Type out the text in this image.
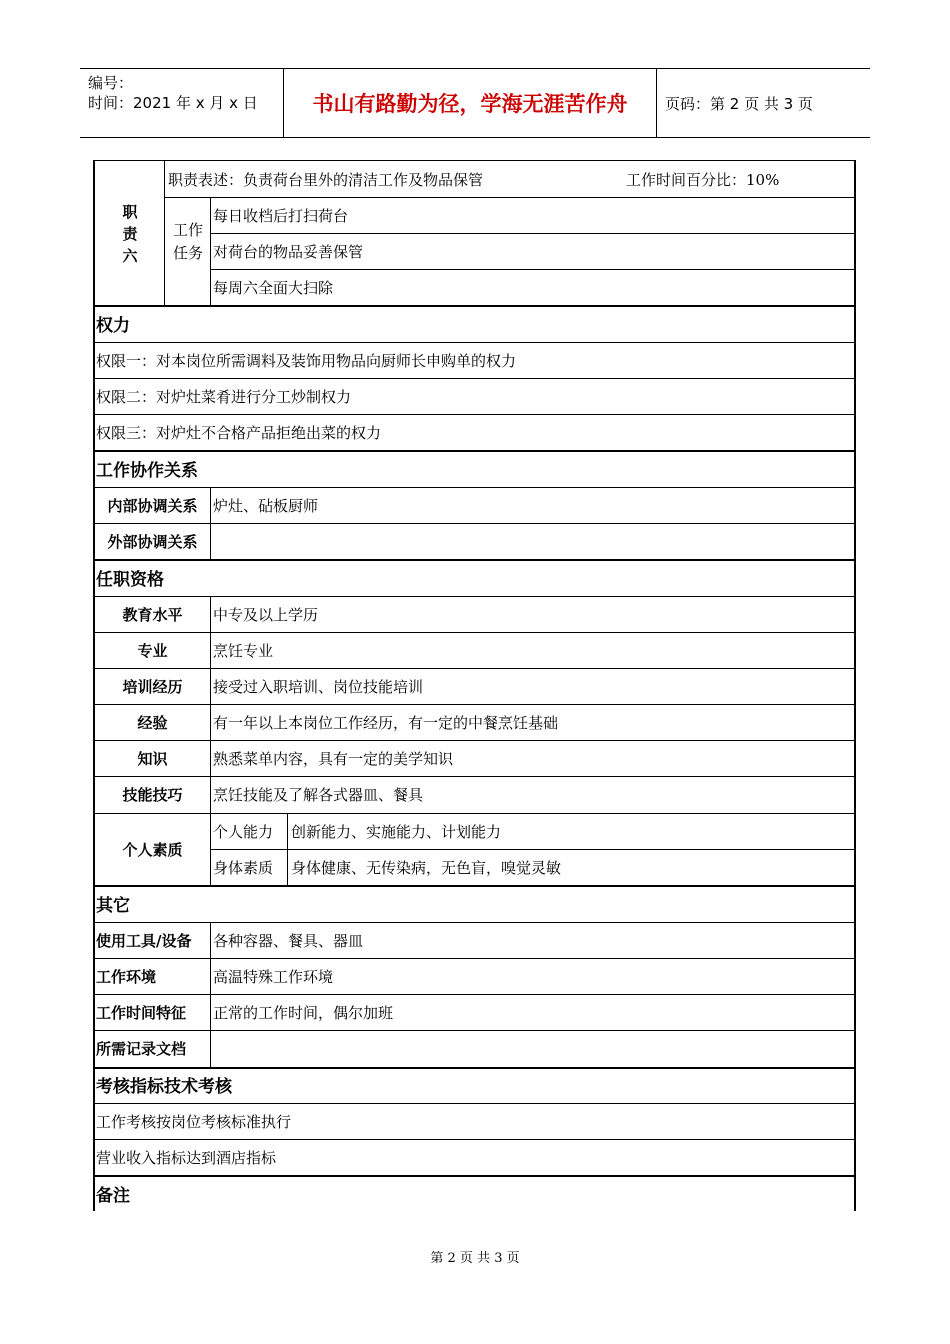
编号：
时间：2021 年 x 月 x 日	书山有路勤为径，学海无涯苦作舟	页码：第 2 页 共 3 页
职
责
六
职责表述：负责荷台里外的清洁工作及物品保管	工作时间百分比：10%
工作
任务
每日收档后打扫荷台
对荷台的物品妥善保管
每周六全面大扫除
权力
权限一：对本岗位所需调料及装饰用物品向厨师长申购单的权力
权限二：对炉灶菜肴进行分工炒制权力
权限三：对炉灶不合格产品拒绝出菜的权力
工作协作关系
内部协调关系	炉灶、砧板厨师
外部协调关系
任职资格
教育水平	中专及以上学历
专业	烹饪专业
培训经历	接受过入职培训、岗位技能培训
经验	有一年以上本岗位工作经历，有一定的中餐烹饪基础
知识	熟悉菜单内容，具有一定的美学知识
技能技巧	烹饪技能及了解各式器皿、餐具
个人素质
个人能力 创新能力、实施能力、计划能力
身体素质 身体健康、无传染病，无色盲，嗅觉灵敏
其它
使用工具/设备 各种容器、餐具、器皿
工作环境	高温特殊工作环境
工作时间特征 正常的工作时间，偶尔加班
所需记录文档
考核指标技术考核
工作考核按岗位考核标准执行
营业收入指标达到酒店指标
备注
第 2 页 共 3 页
